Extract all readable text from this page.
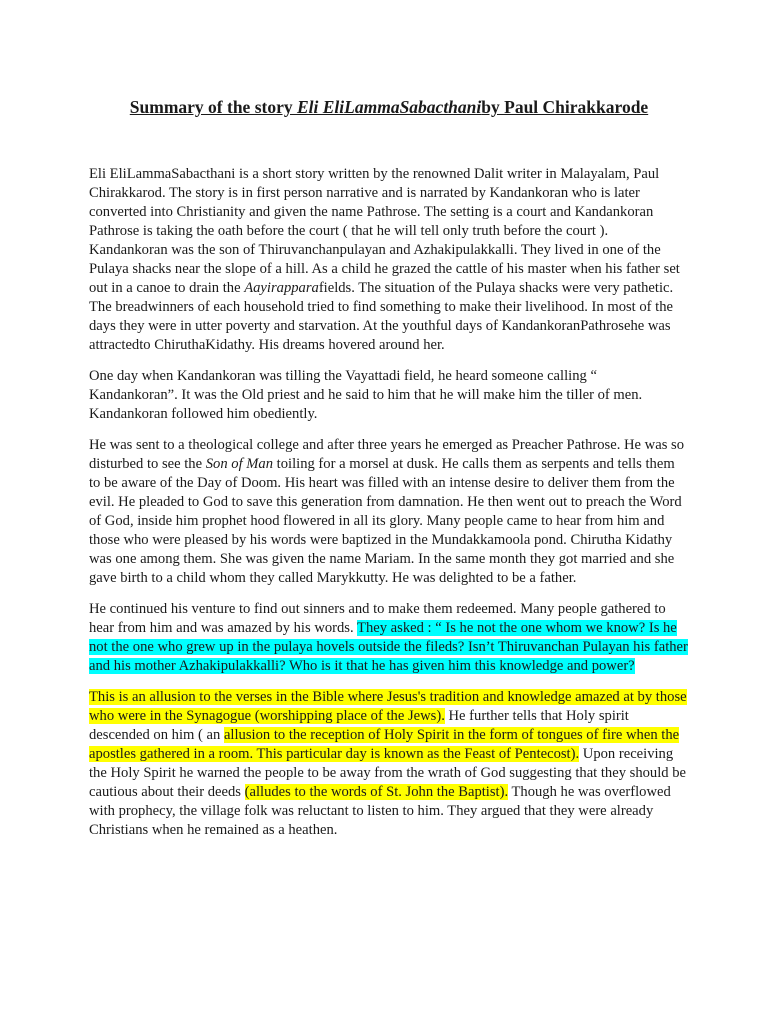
Summary of the story Eli EliLammaSabacthaniby Paul Chirakkarode

Eli EliLammaSabacthani is a short story written by the renowned Dalit writer in Malayalam, Paul Chirakkarod. The story is in first person narrative and is narrated by Kandankoran who is later converted into Christianity and given the name Pathrose. The setting is a court and Kandankoran Pathrose is taking the oath before the court ( that he will tell only truth before the court ). Kandankoran was the son of Thiruvanchanpulayan and Azhakipulakkalli. They lived in one of the Pulaya shacks near the slope of a hill. As a child he grazed the cattle of his master when his father set out in a canoe to drain the Aayirapparafields. The situation of the Pulaya shacks were very pathetic. The breadwinners of each household tried to find something to make their livelihood. In most of the days they were in utter poverty and starvation. At the youthful days of KandankoranPathrosehe was attractedto ChiruthaKidathy. His dreams hovered around her.

One day when Kandankoran was tilling the Vayattadi field, he heard someone calling “ Kandankoran”. It was the Old priest and he said to him that he will make him the tiller of men. Kandankoran followed him obediently.

He was sent to a theological college and after three years he emerged as Preacher Pathrose. He was so disturbed to see the Son of Man toiling for a morsel at dusk. He calls them as serpents and tells them to be aware of the Day of Doom. His heart was filled with an intense desire to deliver them from the evil. He pleaded to God to save this generation from damnation. He then went out to preach the Word of God, inside him prophet hood flowered in all its glory. Many people came to hear from him and those who were pleased by his words were baptized in the Mundakkamoola pond. Chirutha Kidathy was one among them. She was given the name Mariam. In the same month they got married and she gave birth to a child whom they called Marykkutty. He was delighted to be a father.

He continued his venture to find out sinners and to make them redeemed. Many people gathered to hear from him and was amazed by his words. They asked : “ Is he not the one whom we know? Is he not the one who grew up in the pulaya hovels outside the fileds? Isn’t Thiruvanchan Pulayan his father and his mother Azhakipulakkalli? Who is it that he has given him this knowledge and power?

This is an allusion to the verses in the Bible where Jesus's tradition and knowledge amazed at by those who were in the Synagogue (worshipping place of the Jews). He further tells that Holy spirit descended on him ( an allusion to the reception of Holy Spirit in the form of tongues of fire when the apostles gathered in a room. This particular day is known as the Feast of Pentecost). Upon receiving the Holy Spirit he warned the people to be away from the wrath of God suggesting that they should be cautious about their deeds (alludes to the words of St. John the Baptist). Though he was overflowed with prophecy, the village folk was reluctant to listen to him. They argued that they were already Christians when he remained as a heathen.
